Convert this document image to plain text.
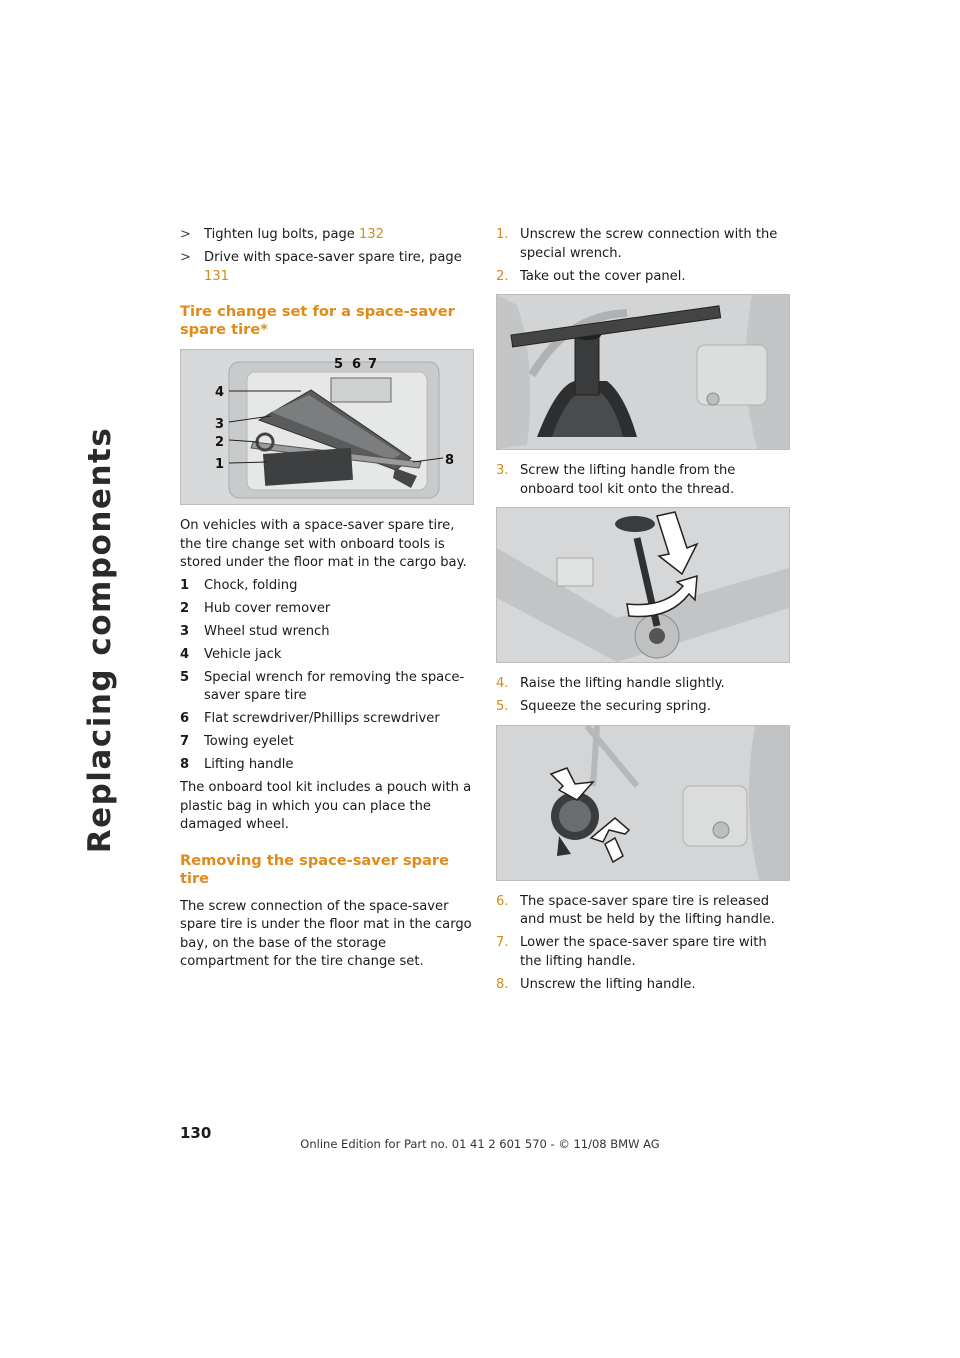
Replacing components
> Tighten lug bolts, page 132
> Drive with space-saver spare tire, page 131
Tire change set for a space-saver spare tire*
5 6 7
4
3
2
1	8

On vehicles with a space-saver spare tire, the tire change set with onboard tools is stored under the floor mat in the cargo bay.

1 Chock, folding
2 Hub cover remover
3 Wheel stud wrench
4 Vehicle jack
5 Special wrench for removing the space-saver spare tire
6 Flat screwdriver/Phillips screwdriver
7 Towing eyelet
8 Lifting handle

The onboard tool kit includes a pouch with a plastic bag in which you can place the damaged wheel.

Removing the space-saver spare tire

The screw connection of the space-saver spare tire is under the floor mat in the cargo bay, on the base of the storage compartment for the tire change set.

1. Unscrew the screw connection with the special wrench.
2. Take out the cover panel.
3. Screw the lifting handle from the onboard tool kit onto the thread.
4. Raise the lifting handle slightly.
5. Squeeze the securing spring.
6. The space-saver spare tire is released and must be held by the lifting handle.
7. Lower the space-saver spare tire with the lifting handle.
8. Unscrew the lifting handle.
130
Online Edition for Part no. 01 41 2 601 570 - © 11/08 BMW AG
